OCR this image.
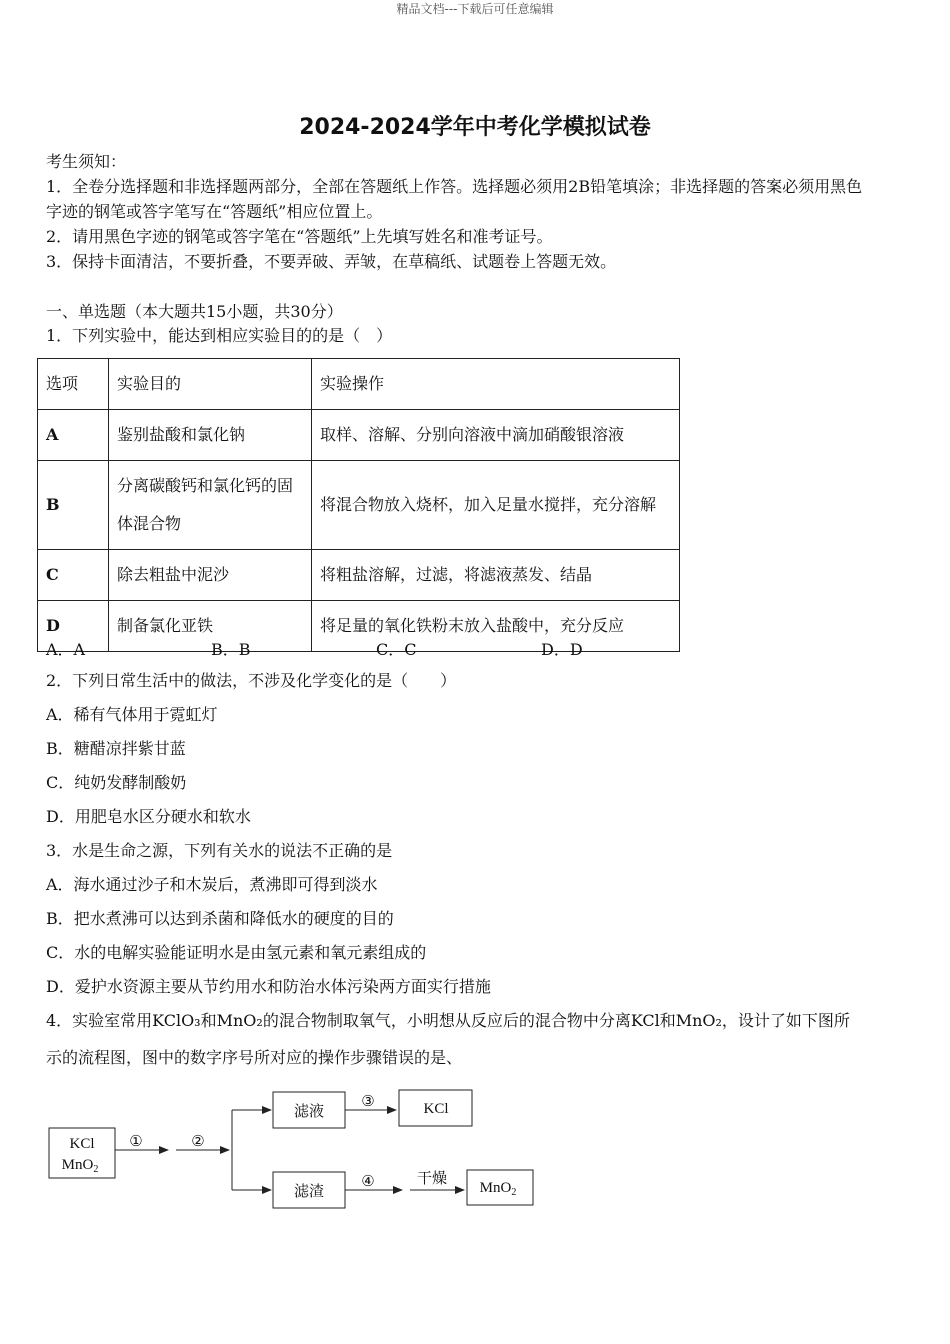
精品文档---下载后可任意编辑
2024-2024学年中考化学模拟试卷
考生须知：
1．全卷分选择题和非选择题两部分，全部在答题纸上作答。选择题必须用2B铅笔填涂；非选择题的答案必须用黑色
字迹的钢笔或答字笔写在“答题纸”相应位置上。
2．请用黑色字迹的钢笔或答字笔在“答题纸”上先填写姓名和准考证号。
3．保持卡面清洁，不要折叠，不要弄破、弄皱，在草稿纸、试题卷上答题无效。
一、单选题（本大题共15小题，共30分）
1．下列实验中，能达到相应实验目的的是（　）
选项	实验目的	实验操作
A	鉴别盐酸和氯化钠	取样、溶解、分别向溶液中滴加硝酸银溶液
B	分离碳酸钙和氯化钙的固体混合物	将混合物放入烧杯，加入足量水搅拌，充分溶解
C	除去粗盐中泥沙	将粗盐溶解，过滤，将滤液蒸发、结晶
D	制备氯化亚铁	将足量的氧化铁粉末放入盐酸中，充分反应
A．A	B．B	C．C	D．D
2．下列日常生活中的做法，不涉及化学变化的是（　　）
A．稀有气体用于霓虹灯
B．糖醋凉拌紫甘蓝
C．纯奶发酵制酸奶
D．用肥皂水区分硬水和软水
3．水是生命之源，下列有关水的说法不正确的是
A．海水通过沙子和木炭后，煮沸即可得到淡水
B．把水煮沸可以达到杀菌和降低水的硬度的目的
C．水的电解实验能证明水是由氢元素和氧元素组成的
D．爱护水资源主要从节约用水和防治水体污染两方面实行措施
4．实验室常用KClO₃和MnO₂的混合物制取氧气，小明想从反应后的混合物中分离KCl和MnO₂，设计了如下图所
示的流程图，图中的数字序号所对应的操作步骤错误的是、
KCl
MnO$_2$
①	②
滤液 ③	KCl
滤渣 ④	干燥
MnO$_2$
